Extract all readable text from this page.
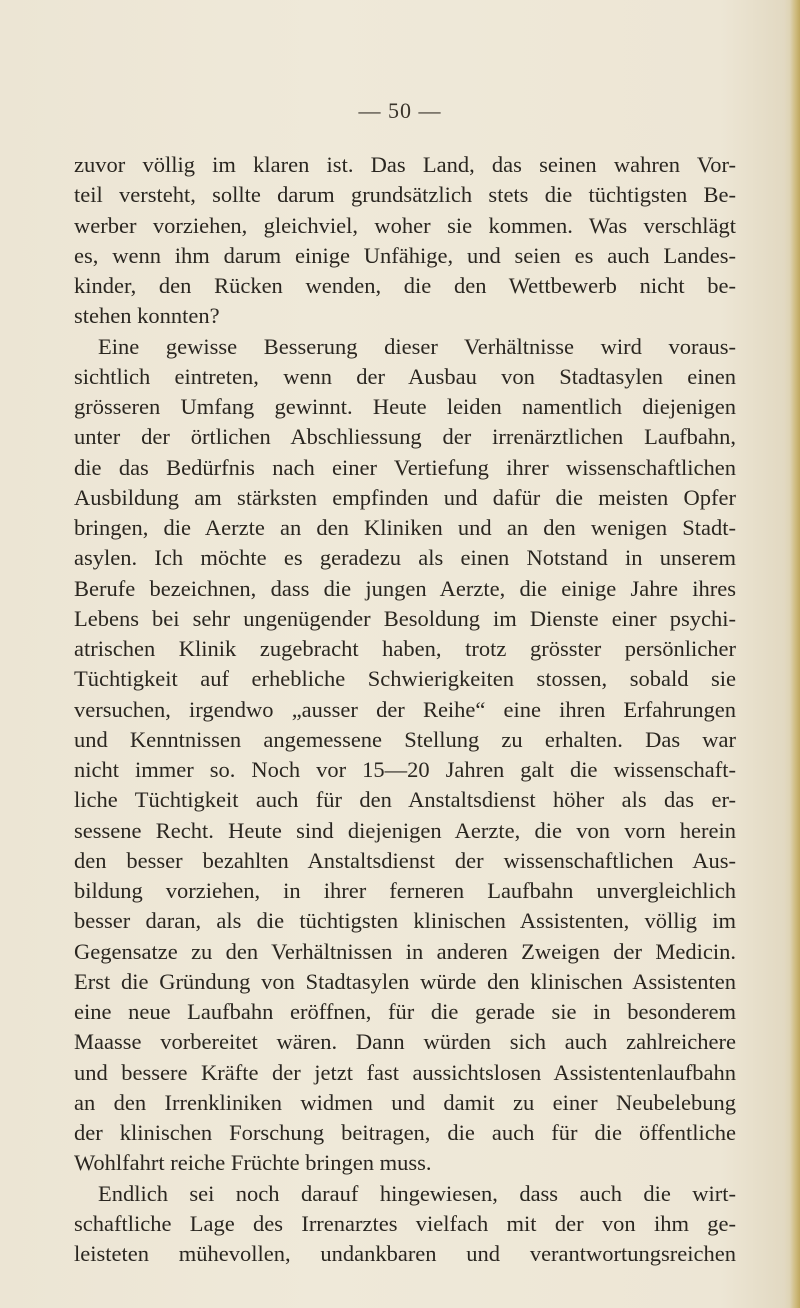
— 50 —
zuvor völlig im klaren ist. Das Land, das seinen wahren Vor-
teil versteht, sollte darum grundsätzlich stets die tüchtigsten Be-
werber vorziehen, gleichviel, woher sie kommen. Was verschlägt
es, wenn ihm darum einige Unfähige, und seien es auch Landes-
kinder, den Rücken wenden, die den Wettbewerb nicht be-
stehen konnten?
Eine gewisse Besserung dieser Verhältnisse wird voraus-
sichtlich eintreten, wenn der Ausbau von Stadtasylen einen
grösseren Umfang gewinnt. Heute leiden namentlich diejenigen
unter der örtlichen Abschliessung der irrenärztlichen Laufbahn,
die das Bedürfnis nach einer Vertiefung ihrer wissenschaftlichen
Ausbildung am stärksten empfinden und dafür die meisten Opfer
bringen, die Aerzte an den Kliniken und an den wenigen Stadt-
asylen. Ich möchte es geradezu als einen Notstand in unserem
Berufe bezeichnen, dass die jungen Aerzte, die einige Jahre ihres
Lebens bei sehr ungenügender Besoldung im Dienste einer psychi-
atrischen Klinik zugebracht haben, trotz grösster persönlicher
Tüchtigkeit auf erhebliche Schwierigkeiten stossen, sobald sie
versuchen, irgendwo „ausser der Reihe“ eine ihren Erfahrungen
und Kenntnissen angemessene Stellung zu erhalten. Das war
nicht immer so. Noch vor 15—20 Jahren galt die wissenschaft-
liche Tüchtigkeit auch für den Anstaltsdienst höher als das er-
sessene Recht. Heute sind diejenigen Aerzte, die von vorn herein
den besser bezahlten Anstaltsdienst der wissenschaftlichen Aus-
bildung vorziehen, in ihrer ferneren Laufbahn unvergleichlich
besser daran, als die tüchtigsten klinischen Assistenten, völlig im
Gegensatze zu den Verhältnissen in anderen Zweigen der Medicin.
Erst die Gründung von Stadtasylen würde den klinischen Assistenten
eine neue Laufbahn eröffnen, für die gerade sie in besonderem
Maasse vorbereitet wären. Dann würden sich auch zahlreichere
und bessere Kräfte der jetzt fast aussichtslosen Assistentenlaufbahn
an den Irrenkliniken widmen und damit zu einer Neubelebung
der klinischen Forschung beitragen, die auch für die öffentliche
Wohlfahrt reiche Früchte bringen muss.
Endlich sei noch darauf hingewiesen, dass auch die wirt-
schaftliche Lage des Irrenarztes vielfach mit der von ihm ge-
leisteten mühevollen, undankbaren und verantwortungsreichen
